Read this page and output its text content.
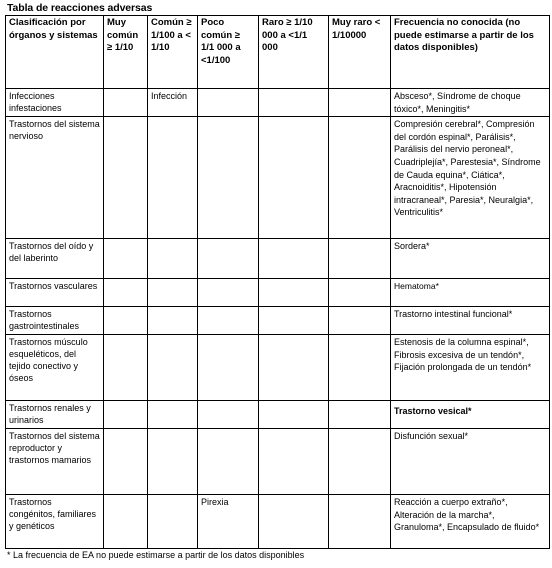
Tabla de reacciones adversas
Clasificación por órganos y sistemas	Muy común ≥ 1/10	Común ≥ 1/100 a < 1/10	Poco común ≥ 1/1 000 a <1/100	Raro ≥ 1/10 000 a <1/1 000	Muy raro < 1/10000	Frecuencia no conocida (no puede estimarse a partir de los datos disponibles)
Infecciones infestaciones		Infección				Absceso*, Síndrome de choque tóxico*, Meningitis*
Trastornos del sistema nervioso						Compresión cerebral*, Compresión del cordón espinal*, Parálisis*, Parálisis del nervio peroneal*, Cuadriplejía*, Parestesia*, Síndrome de Cauda equina*, Ciática*, Aracnoiditis*, Hipotensión intracraneal*, Paresia*, Neuralgia*, Ventriculitis*
Trastornos del oído y del laberinto						Sordera*
Trastornos vasculares						Hematoma*
Trastornos gastrointestinales						Trastorno intestinal funcional*
Trastornos músculo esqueléticos, del tejido conectivo y óseos						Estenosis de la columna espinal*, Fibrosis excesiva de un tendón*, Fijación prolongada de un tendón*
Trastornos renales y urinarios						Trastorno vesical*
Trastornos del sistema reproductor y trastornos mamarios						Disfunción sexual*
Trastornos congénitos, familiares y genéticos			Pirexia			Reacción a cuerpo extraño*, Alteración de la marcha*, Granuloma*, Encapsulado de fluido*
* La frecuencia de EA no puede estimarse a partir de los datos disponibles
